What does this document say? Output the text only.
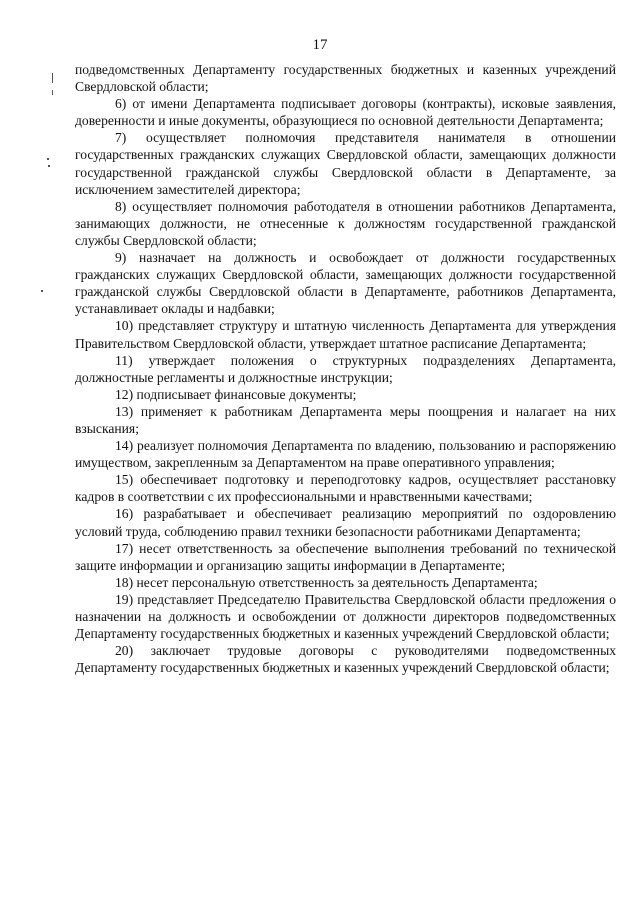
17

подведомственных Департаменту государственных бюджетных и казенных учреждений Свердловской области;

6) от имени Департамента подписывает договоры (контракты), исковые заявления, доверенности и иные документы, образующиеся по основной деятельности Департамента;

7) осуществляет полномочия представителя нанимателя в отношении государственных гражданских служащих Свердловской области, замещающих должности государственной гражданской службы Свердловской области в Департаменте, за исключением заместителей директора;

8) осуществляет полномочия работодателя в отношении работников Департамента, занимающих должности, не отнесенные к должностям государственной гражданской службы Свердловской области;

9) назначает на должность и освобождает от должности государственных гражданских служащих Свердловской области, замещающих должности государственной гражданской службы Свердловской области в Департаменте, работников Департамента, устанавливает оклады и надбавки;

10) представляет структуру и штатную численность Департамента для утверждения Правительством Свердловской области, утверждает штатное расписание Департамента;

11) утверждает положения о структурных подразделениях Департамента, должностные регламенты и должностные инструкции;

12) подписывает финансовые документы;

13) применяет к работникам Департамента меры поощрения и налагает на них взыскания;

14) реализует полномочия Департамента по владению, пользованию и распоряжению имуществом, закрепленным за Департаментом на праве оперативного управления;

15) обеспечивает подготовку и переподготовку кадров, осуществляет расстановку кадров в соответствии с их профессиональными и нравственными качествами;

16) разрабатывает и обеспечивает реализацию мероприятий по оздоровлению условий труда, соблюдению правил техники безопасности работниками Департамента;

17) несет ответственность за обеспечение выполнения требований по технической защите информации и организацию защиты информации в Департаменте;

18) несет персональную ответственность за деятельность Департамента;

19) представляет Председателю Правительства Свердловской области предложения о назначении на должность и освобождении от должности директоров подведомственных Департаменту государственных бюджетных и казенных учреждений Свердловской области;

20) заключает трудовые договоры с руководителями подведомственных Департаменту государственных бюджетных и казенных учреждений Свердловской области;
